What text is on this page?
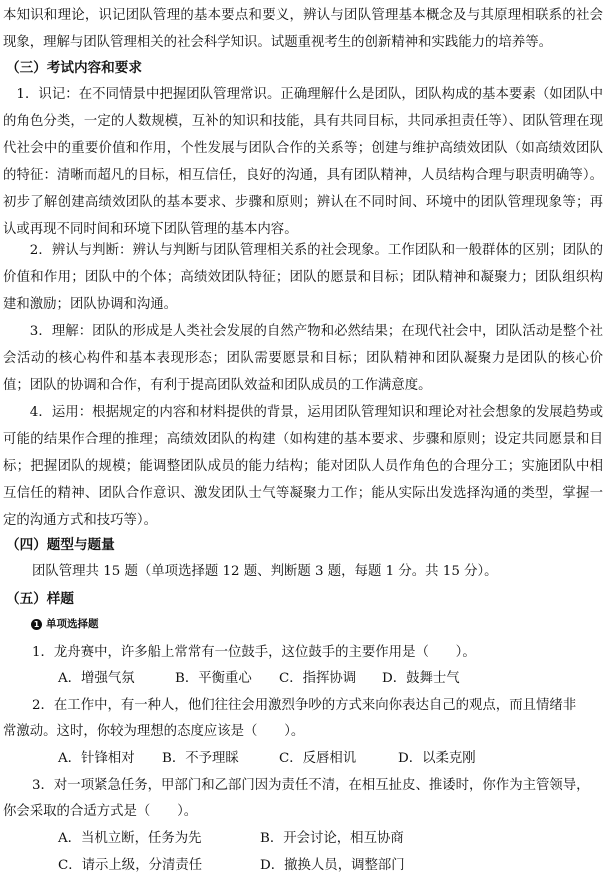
本知识和理论，识记团队管理的基本要点和要义，辨认与团队管理基本概念及与其原理相联系的社会现象，理解与团队管理相关的社会科学知识。试题重视考生的创新精神和实践能力的培养等。

（三）考试内容和要求

1．识记：在不同情景中把握团队管理常识。正确理解什么是团队，团队构成的基本要素（如团队中的角色分类，一定的人数规模，互补的知识和技能，具有共同目标，共同承担责任等）、团队管理在现代社会中的重要价值和作用，个性发展与团队合作的关系等；创建与维护高绩效团队（如高绩效团队的特征：清晰而超凡的目标，相互信任，良好的沟通，具有团队精神，人员结构合理与职责明确等）。初步了解创建高绩效团队的基本要求、步骤和原则；辨认在不同时间、环境中的团队管理现象等；再认或再现不同时间和环境下团队管理的基本内容。

2．辨认与判断：辨认与判断与团队管理相关系的社会现象。工作团队和一般群体的区别；团队的价值和作用；团队中的个体；高绩效团队特征；团队的愿景和目标；团队精神和凝聚力；团队组织构建和激励；团队协调和沟通。

3．理解：团队的形成是人类社会发展的自然产物和必然结果；在现代社会中，团队活动是整个社会活动的核心构件和基本表现形态；团队需要愿景和目标；团队精神和团队凝聚力是团队的核心价值；团队的协调和合作，有利于提高团队效益和团队成员的工作满意度。

4．运用：根据规定的内容和材料提供的背景，运用团队管理知识和理论对社会想象的发展趋势或可能的结果作合理的推理；高绩效团队的构建（如构建的基本要求、步骤和原则；设定共同愿景和目标；把握团队的规模；能调整团队成员的能力结构；能对团队人员作角色的合理分工；实施团队中相互信任的精神、团队合作意识、激发团队士气等凝聚力工作；能从实际出发选择沟通的类型，掌握一定的沟通方式和技巧等）。

（四）题型与题量

团队管理共 15 题（单项选择题 12 题、判断题 3 题，每题 1 分。共 15 分）。

（五）样题

1 单项选择题

1．龙舟赛中，许多船上常常有一位鼓手，这位鼓手的主要作用是（　　）。

A．增强气氛	B．平衡重心 C．指挥协调 D．鼓舞士气

2．在工作中，有一种人，他们往往会用激烈争吵的方式来向你表达自己的观点，而且情绪非

常激动。这时，你较为理想的态度应该是（　　）。

A．针锋相对 B．不予理睬	C．反唇相讥	D．以柔克刚

3．对一项紧急任务，甲部门和乙部门因为责任不清，在相互扯皮、推诿时，你作为主管领导，

你会采取的合适方式是（　　）。

A．当机立断，任务为先	B．开会讨论，相互协商

C．请示上级，分清责任	D．撤换人员，调整部门
